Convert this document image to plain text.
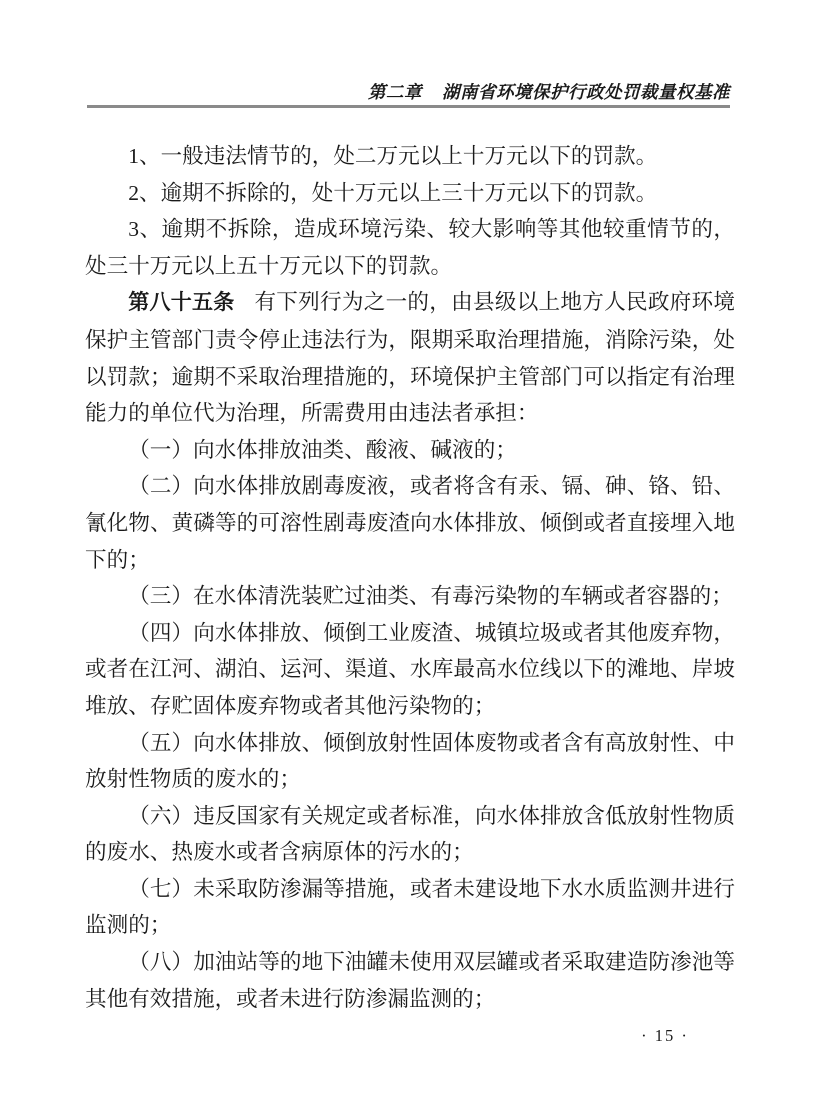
第二章 湖南省环境保护行政处罚裁量权基准

1、一般违法情节的，处二万元以上十万元以下的罚款。

2、逾期不拆除的，处十万元以上三十万元以下的罚款。

3、逾期不拆除，造成环境污染、较大影响等其他较重情节的，处三十万元以上五十万元以下的罚款。

第八十五条 有下列行为之一的，由县级以上地方人民政府环境保护主管部门责令停止违法行为，限期采取治理措施，消除污染，处以罚款；逾期不采取治理措施的，环境保护主管部门可以指定有治理能力的单位代为治理，所需费用由违法者承担：

（一）向水体排放油类、酸液、碱液的；

（二）向水体排放剧毒废液，或者将含有汞、镉、砷、铬、铅、氰化物、黄磷等的可溶性剧毒废渣向水体排放、倾倒或者直接埋入地下的；

（三）在水体清洗装贮过油类、有毒污染物的车辆或者容器的；

（四）向水体排放、倾倒工业废渣、城镇垃圾或者其他废弃物，或者在江河、湖泊、运河、渠道、水库最高水位线以下的滩地、岸坡堆放、存贮固体废弃物或者其他污染物的；

（五）向水体排放、倾倒放射性固体废物或者含有高放射性、中放射性物质的废水的；

（六）违反国家有关规定或者标准，向水体排放含低放射性物质的废水、热废水或者含病原体的污水的；

（七）未采取防渗漏等措施，或者未建设地下水水质监测井进行监测的；

（八）加油站等的地下油罐未使用双层罐或者采取建造防渗池等其他有效措施，或者未进行防渗漏监测的；

· 15 ·
